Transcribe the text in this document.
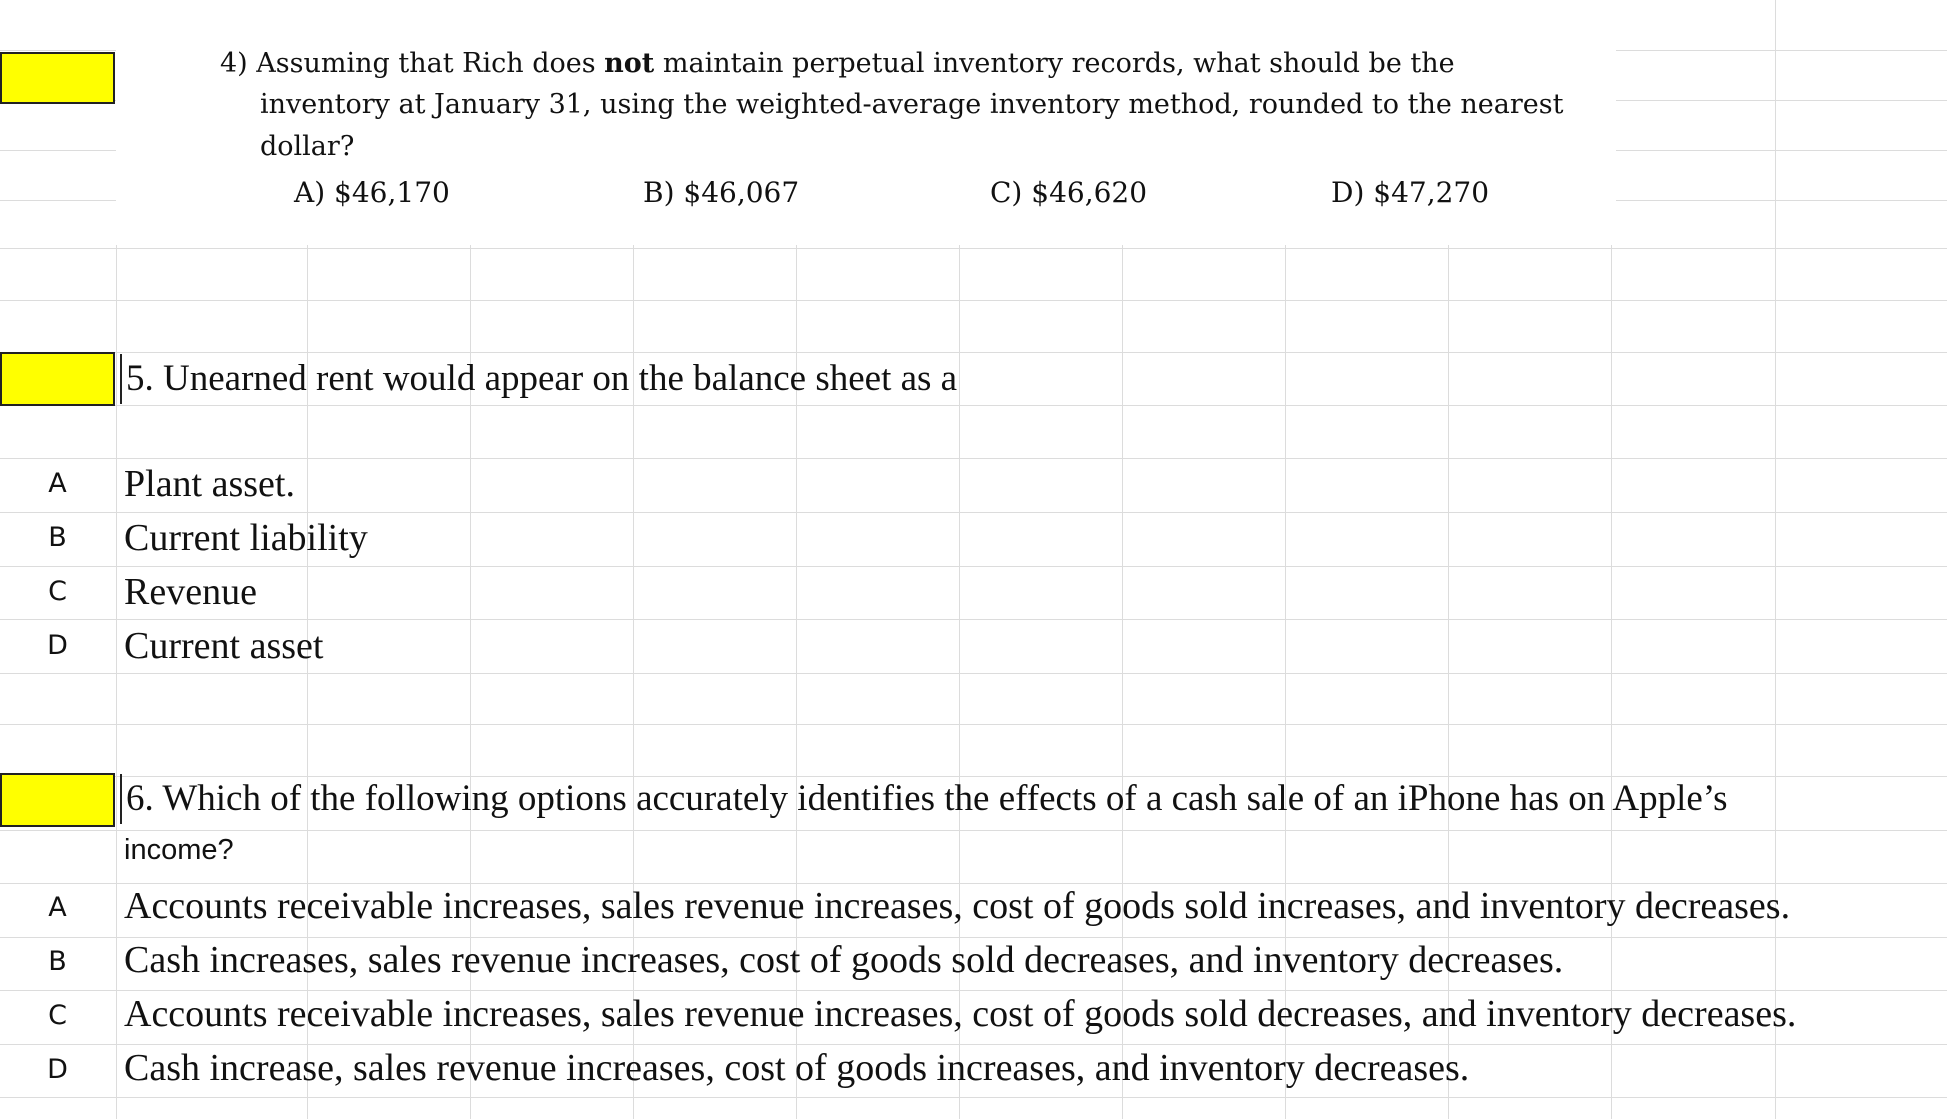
4) Assuming that Rich does not maintain perpetual inventory records, what should be the
inventory at January 31, using the weighted-average inventory method, rounded to the nearest
dollar?
A) $46,170	B) $46,067	C) $46,620	D) $47,270
5. Unearned rent would appear on the balance sheet as a
A	Plant asset.
B	Current liability
C	Revenue
D	Current asset
6. Which of the following options accurately identifies the effects of a cash sale of an iPhone has on Apple’s
income?
A	Accounts receivable increases, sales revenue increases, cost of goods sold increases, and inventory decreases.
B	Cash increases, sales revenue increases, cost of goods sold decreases, and inventory decreases.
C	Accounts receivable increases, sales revenue increases, cost of goods sold decreases, and inventory decreases.
D	Cash increase, sales revenue increases, cost of goods increases, and inventory decreases.
